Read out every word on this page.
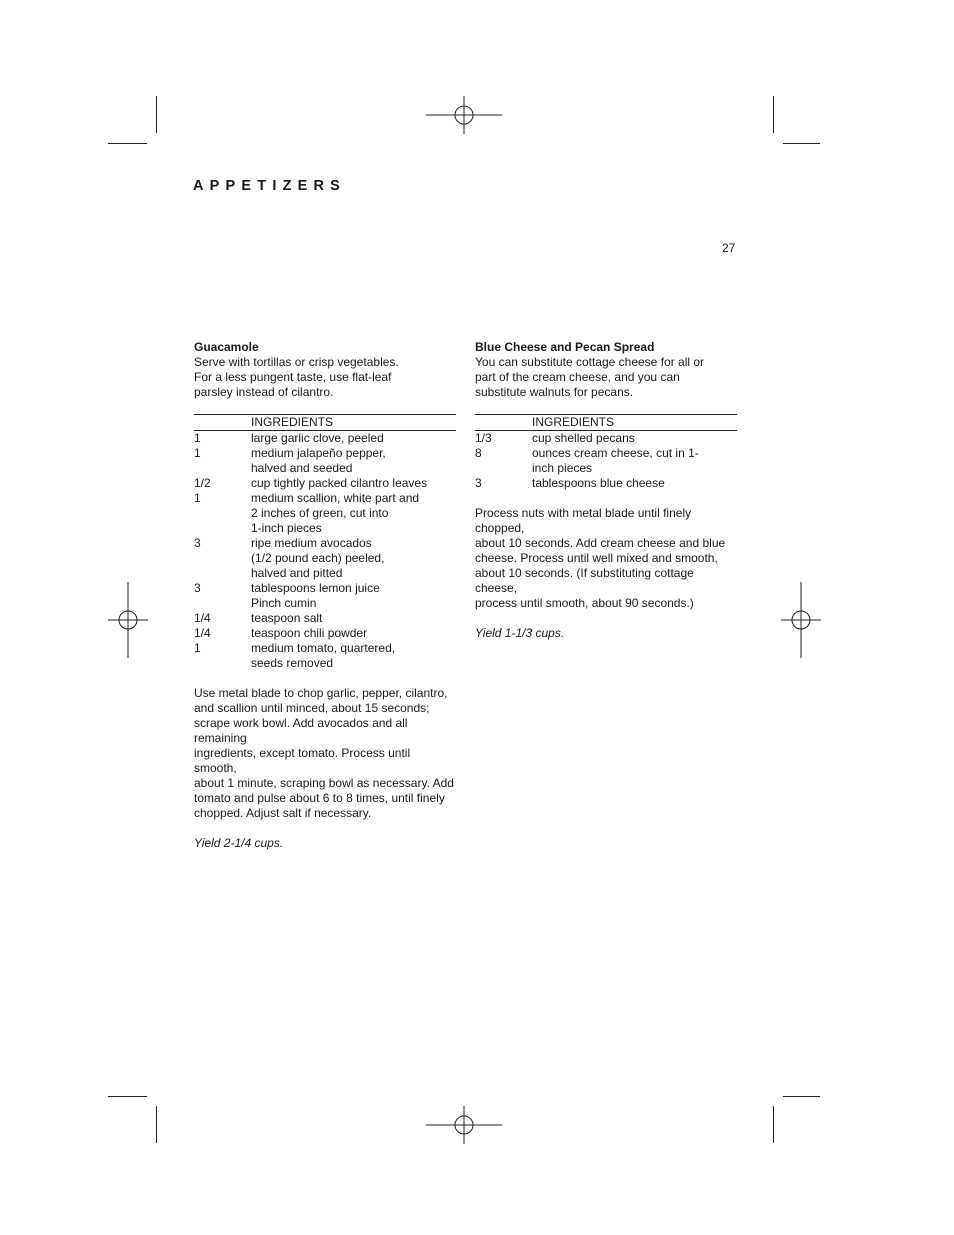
APPETIZERS
27
Guacamole
Serve with tortillas or crisp vegetables.
For a less pungent taste, use flat-leaf
parsley instead of cilantro.
INGREDIENTS
1	large garlic clove, peeled
1	medium jalapeño pepper,
halved and seeded
1/2	cup tightly packed cilantro leaves
1	medium scallion, white part and
2 inches of green, cut into
1-inch pieces
3	ripe medium avocados
(1/2 pound each) peeled,
halved and pitted
3	tablespoons lemon juice
Pinch cumin
1/4	teaspoon salt
1/4	teaspoon chili powder
1	medium tomato, quartered,
seeds removed
Use metal blade to chop garlic, pepper, cilantro,
and scallion until minced, about 15 seconds;
scrape work bowl. Add avocados and all remaining
ingredients, except tomato. Process until smooth,
about 1 minute, scraping bowl as necessary. Add
tomato and pulse about 6 to 8 times, until finely
chopped. Adjust salt if necessary.
Yield 2-1/4 cups.
Blue Cheese and Pecan Spread
You can substitute cottage cheese for all or
part of the cream cheese, and you can
substitute walnuts for pecans.
INGREDIENTS
1/3	cup shelled pecans
8	ounces cream cheese, cut in 1-
inch pieces
3	tablespoons blue cheese
Process nuts with metal blade until finely chopped,
about 10 seconds. Add cream cheese and blue
cheese. Process until well mixed and smooth,
about 10 seconds. (If substituting cottage cheese,
process until smooth, about 90 seconds.)
Yield 1-1/3 cups.
